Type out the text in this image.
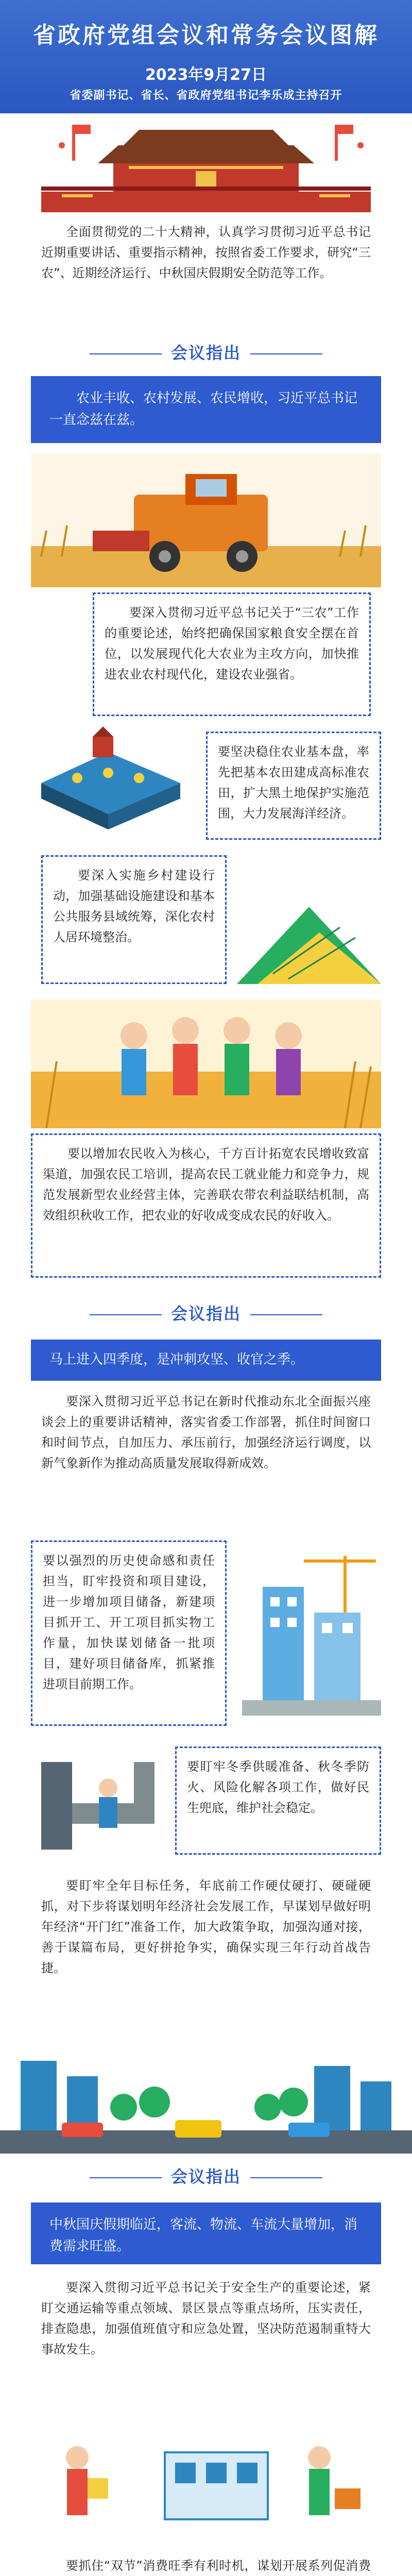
省政府党组会议和常务会议图解
2023年9月27日
省委副书记、省长、省政府党组书记李乐成主持召开
全面贯彻党的二十大精神，认真学习贯彻习近平总书记近期重要讲话、重要指示精神，按照省委工作要求，研究“三农”、近期经济运行、中秋国庆假期安全防范等工作。
会议指出
农业丰收、农村发展、农民增收，习近平总书记一直念兹在兹。
要深入贯彻习近平总书记关于“三农”工作的重要论述，始终把确保国家粮食安全摆在首位，以发展现代化大农业为主攻方向，加快推进农业农村现代化，建设农业强省。
要坚决稳住农业基本盘，率先把基本农田建成高标准农田，扩大黑土地保护实施范围，大力发展海洋经济。
要深入实施乡村建设行动，加强基础设施建设和基本公共服务县域统筹，深化农村人居环境整治。
要以增加农民收入为核心，千方百计拓宽农民增收致富渠道，加强农民工培训，提高农民工就业能力和竞争力，规范发展新型农业经营主体，完善联农带农利益联结机制，高效组织秋收工作，把农业的好收成变成农民的好收入。
会议指出
马上进入四季度，是冲刺攻坚、收官之季。
要深入贯彻习近平总书记在新时代推动东北全面振兴座谈会上的重要讲话精神，落实省委工作部署，抓住时间窗口和时间节点，自加压力、承压前行，加强经济运行调度，以新气象新作为推动高质量发展取得新成效。
要以强烈的历史使命感和责任担当，盯牢投资和项目建设，进一步增加项目储备，新建项目抓开工、开工项目抓实物工作量，加快谋划储备一批项目，建好项目储备库，抓紧推进项目前期工作。
要盯牢冬季供暖准备、秋冬季防火、风险化解各项工作，做好民生兜底，维护社会稳定。
要盯牢全年目标任务，年底前工作硬仗硬打、硬碰硬抓，对下步将谋划明年经济社会发展工作，早谋划早做好明年经济“开门红”准备工作，加大政策争取，加强沟通对接，善于谋篇布局，更好拼抢争实，确保实现三年行动首战告捷。
会议指出
中秋国庆假期临近，客流、物流、车流大量增加，消费需求旺盛。
要深入贯彻习近平总书记关于安全生产的重要论述，紧盯交通运输等重点领域、景区景点等重点场所，压实责任，排查隐患，加强值班值守和应急处置，坚决防范遏制重特大事故发生。
要抓住“双节”消费旺季有利时机，谋划开展系列促消费
